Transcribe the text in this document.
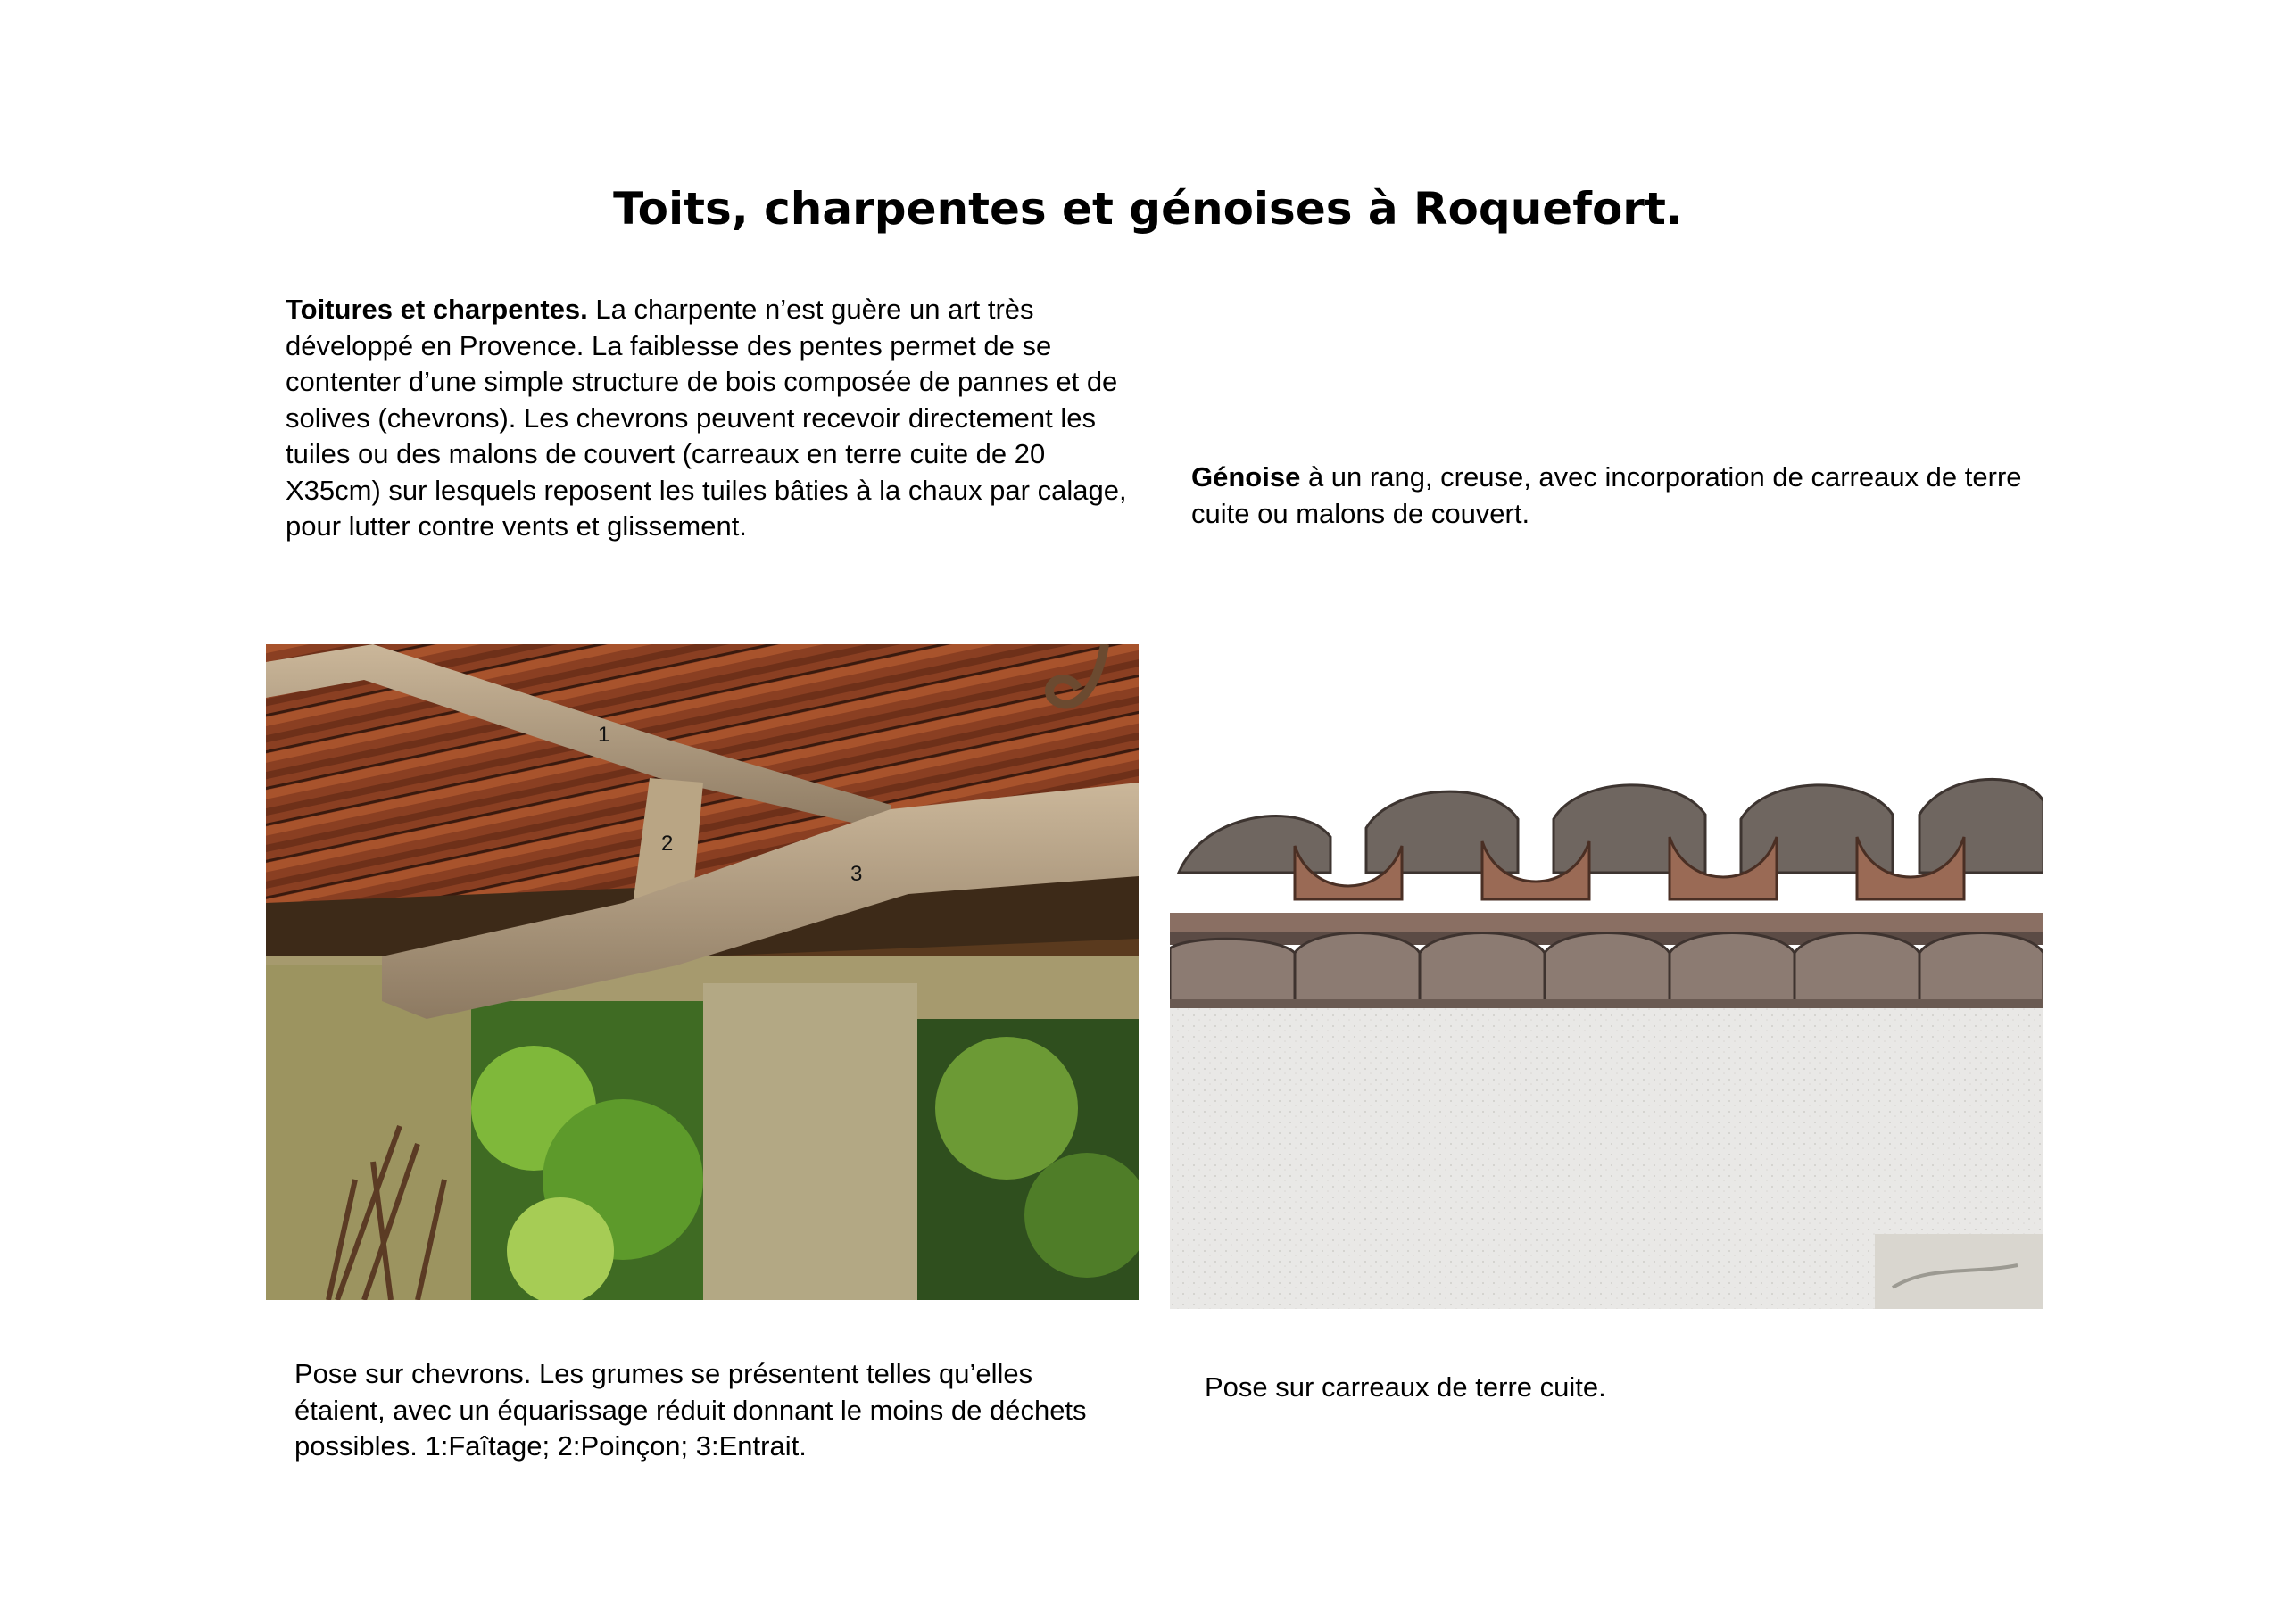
Toits, charpentes et génoises à Roquefort.
Toitures et charpentes. La charpente n’est guère un art très développé en Provence. La faiblesse des pentes permet de se contenter d’une simple structure de bois composée de pannes et de solives (chevrons). Les chevrons peuvent recevoir directement les tuiles ou des malons de couvert (carreaux en terre cuite de 20 X35cm) sur lesquels reposent les tuiles bâties à la chaux par calage, pour lutter contre vents et glissement.
Génoise à un rang, creuse, avec incorporation de carreaux de terre cuite ou malons de couvert.
1
2
3
Pose sur chevrons. Les grumes se présentent telles qu’elles étaient, avec un équarissage réduit donnant le moins de déchets possibles. 1:Faîtage; 2:Poinçon; 3:Entrait.
Pose sur carreaux de terre cuite.
